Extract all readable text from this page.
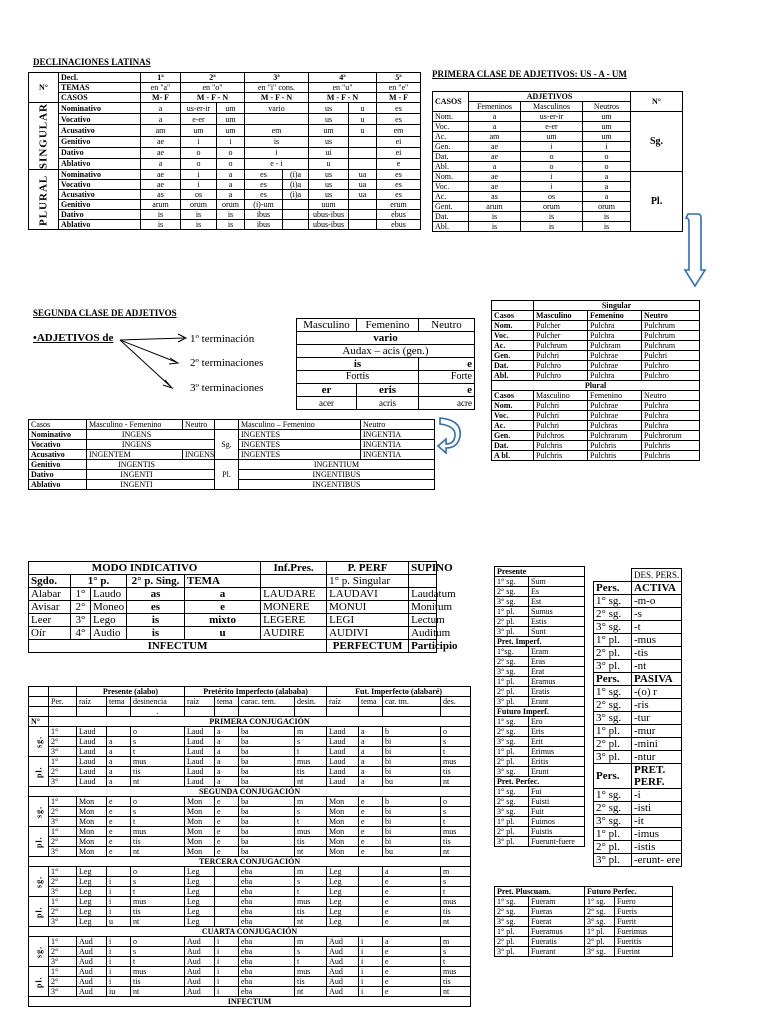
DECLINACIONES LATINAS
N°	Decl.	1ª	2ª		3ª		4ª		5ª
	TEMAS	en "a"	en "o"		en "i" cons.		en "u"		en "e"
	CASOS	M- F	M - F - N		M - F - N		M - F - N		M - F
SINGULAR	Nominativo	a	us-er-ir	um	vario		us	u	es
	Vocativo	a	e-er	um			us	u	es
	Acusativo	am	um	um	em		um	u	em
	Genitivo	ae	i	i	is		us		ei
	Dativo	ae	o	o	i		ui		ei
	Ablativo	a	o	o	e - i		u		e
PLURAL	Nominativo	ae	i	a	es	(i)a	us	ua	es
	Vocativo	ae	i	a	es	(i)a	us	ua	es
	Acusativo	as	os	a	es	(i)a	us	ua	es
	Genitivo	arum	orum	orum	(i)-um		uum		erum
	Dativo	is	is	is	ibus		ubus-ibus		ebus
	Ablativo	is	is	is	ibus		ubus-ibus		ebus
PRIMERA CLASE DE ADJETIVOS: US - A - UM
CASOS	ADJETIVOS			N°
	Femeninos	Masculinos	Neutros	
Nom.	a	us-er-ir	um	Sg.
Voc.	a	e-er	um	
Ac.	am	um	um	
Gen.	ae	i	i	
Dat.	ae	o	o	
Abl.	a	o	o	
Nom.	ae	i	a	Pl.
Voc.	ae	i	a	
Ac.	as	os	a	
Gent.	arum	orum	orum	
Dat.	is	is	is	
Abl.	is	is	is	
SEGUNDA CLASE DE ADJETIVOS
•ADJETIVOS de	1º terminación
2º terminaciones
3º terminaciones
Masculino	Femenino	Neutro
vario		
Audax – acis (gen.)		
is		e
Fortis		Forte
er	eris	e
acer	acris	acre
	Singular		
Casos	Masculino	Femenino	Neutro
Nom.	Pulcher	Pulchra	Pulchrum
Voc.	Pulcher	Pulchra	Pulchrum
Ac.	Pulchrum	Pulchram	Pulchrum
Gen.	Pulchri	Pulchrae	Pulchri
Dat.	Pulchro	Pulchrae	Pulchro
Abl.	Pulchro	Pulchra	Pulchro
Plural			
Casos	Masculino	Femenino	Neutro
Nom.	Pulchri	Pulchrae	Pulchra
Voc.	Pulchri	Pulchrae	Pulchra
Ac.	Pulchri	Pulchras	Pulchra
Gen.	Pulchros	Pulchrarum	Pulchrorum
Dat.	Pulchris	Pulchris	Pulchris
A bl.	Pulchris	Pulchris	Pulchris
Casos	Masculino - Femenino	Neutro		Masculino – Femenino	Neutro
Nominativo	INGENS		Sg.	INGENTES	INGENTIA
Vocativo	INGENS			INGENTES	INGENTIA
Acusativo	INGENTEM	INGENS		INGENTES	INGENTIA
Genitivo	INGENTIS		Pl.	INGENTIUM	
Dativo	INGENTI			INGENTIBUS	
Ablativo	INGENTI			INGENTIBUS	
MODO INDICATIVO					Inf.Pres.	P. PERF	SUPINO
Sgdo.	1° p.		2° p. Sing.	TEMA		1° p. Singular	
Alabar	1°	Laudo	as	a	LAUDARE	LAUDAVI	Laudatum
Avisar	2°	Moneo	es	e	MONERE	MONUI	Monitum
Leer	3°	Lego	is	mixto	LEGERE	LEGI	Lectum
Oír	4°	Audio	is	u	AUDIRE	AUDIVI	Auditum
INFECTUM						PERFECTUM	Participio
		Presente (alabo)			Pretérito Imperfecto (alababa)				Fut. Imperfecto (alabaré)			
	Per.	raíz	tema	desinencia	raíz	tema	carac. tem.	desin.	raíz	tema	car. tm.	des.
				.								
N°	PRIMERA CONJUGACIÓN											
sg.	1°	Laud		o	Laud	a	ba	m	Laud	a	b	o
	2°	Laud	a	s	Laud	a	ba	s	Laud	a	bi	s
	3°	Laud	a	t	Laud	a	ba	t	Laud	a	bi	t
pl.	1°	Laud	a	mus	Laud	a	ba	mus	Laud	a	bi	mus
	2°	Laud	a	tis	Laud	a	ba	tis	Laud	a	bi	tis
	3°	Laud	a	nt	Laud	a	ba	nt	Laud	a	bu	nt
SEGUNDA CONJUGACIÓN												
sg.	1°	Mon	e	o	Mon	e	ba	m	Mon	e	b	o
	2°	Mon	e	s	Mon	e	ba	s	Mon	e	bi	s
	3°	Mon	e	t	Mon	e	ba	t	Mon	e	bi	t
pl.	1°	Mon	e	mus	Mon	e	ba	mus	Mon	e	bi	mus
	2°	Mon	e	tis	Mon	e	ba	tis	Mon	e	bi	tis
	3°	Mon	e	nt	Mon	e	ba	nt	Mon	e	bu	nt
TERCERA CONJUGACIÓN												
sg.	1°	Leg		o	Leg		eba	m	Leg		a	m
	2°	Leg	i	s	Leg		eba	s	Leg		e	s
	3°	Leg	i	t	Leg		eba	t	Leg		e	t
pl.	1°	Leg	i	mus	Leg		eba	mus	Leg		e	mus
	2°	Leg	i	tis	Leg		eba	tis	Leg		e	tis
	3°	Leg	u	nt	Leg		eba	nt	Leg		e	nt
CUARTA CONJUGACIÓN												
sg.	1°	Aud	i	o	Aud	i	eba	m	Aud	i	a	m
	2°	Aud	i	s	Aud	i	eba	s	Aud	i	e	s
	3°	Aud	i	t	Aud	i	eba	t	Aud	i	e	t
pl.	1°	Aud	i	mus	Aud	i	eba	mus	Aud	i	e	mus
	2°	Aud	i	tis	Aud	i	eba	tis	Aud	i	e	tis
	3°	Aud	iu	nt	Aud	i	eba	nt	Aud	i	e	nt
INFECTUM												
Presente	
1° sg.	Sum
2° sg.	Es
3° sg.	Est
1° pl.	Sumus
2° pl.	Estis
3° pl.	Sunt
Pret. Imperf.	
1°sg.	Eram
2° sg.	Eras
3° sg.	Erat
1° pl.	Eramus
2° pl.	Eratis
3° pl.	Erant
Futuro Imperf.	
1° sg.	Ero
2° sg.	Eris
3° sg.	Erit
1° pl.	Erimus
2° pl.	Eritis
3° sg.	Erunt
Pret. Perfec.	
1° sg.	Fui
2° sg.	Fuisti
3° sg.	Fuit
1° pl.	Fuimos
2° pl.	Fuistis
3° pl.	Fuerunt-fuere
Pret. Pluscuam.		Futuro Perfec.	
1° sg.	Fueram	1° sg.	Fuero
2° sg.	Fueras	2° sg.	Fueris
3° sg.	Fuerat	3° sg.	Fuerit
1° pl.	Fueramus	1° pl.	Fuerimus
2° pl.	Fueratis	2° pl.	Fueritis
3° pl.	Fuerant	3° sg.	Fuerint
	DES. PERS.
Pers.	ACTIVA
1° sg.	-m-o
2° sg.	-s
3° sg.	-t
1° pl.	-mus
2° pl.	-tis
3° pl.	-nt
Pers.	PASIVA
1° sg.	-(o) r
2° sg.	-ris
3° sg.	-tur
1° pl.	-mur
2° pl.	-mini
3° pl.	-ntur
Pers.	PRET. PERF.
1° sg.	-i
2° sg.	-isti
3° sg.	-it
1° pl.	-imus
2° pl.	-istis
3° pl.	-erunt- ere
